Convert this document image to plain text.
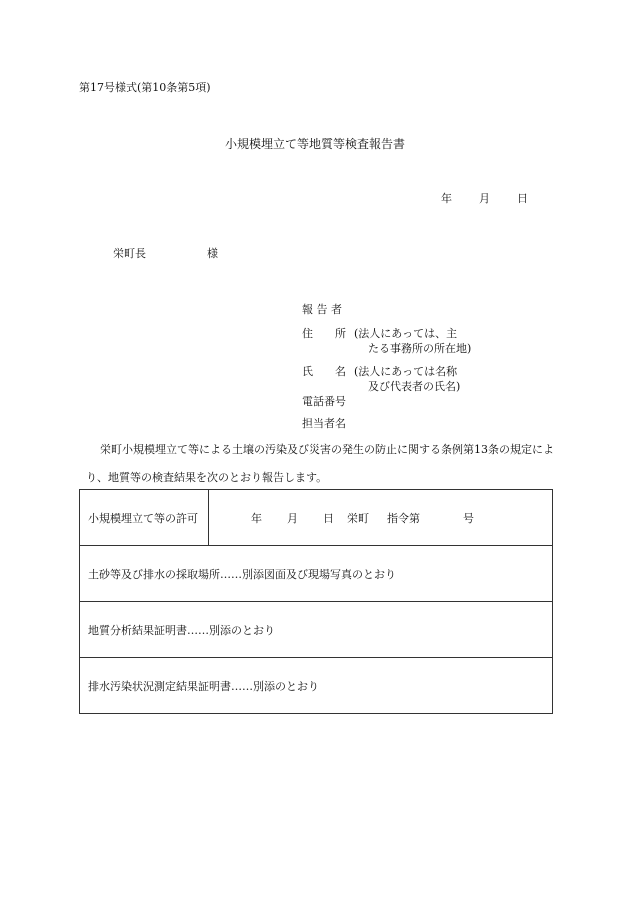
第17号様式(第10条第5項)
小規模埋立て等地質等検査報告書
年 月 日
栄町長	様
報 告 者
住　　所 (法人にあっては、主
たる事務所の所在地)
氏　　名 (法人にあっては名称
及び代表者の氏名)
電話番号
担当者名
栄町小規模埋立て等による土壌の汚染及び災害の発生の防止に関する条例第13条の規定により、地質等の検査結果を次のとおり報告します。
小規模埋立て等の許可	年 月 日 栄町 指令第	号
土砂等及び排水の採取場所……別添図面及び現場写真のとおり
地質分析結果証明書……別添のとおり
排水汚染状況測定結果証明書……別添のとおり
